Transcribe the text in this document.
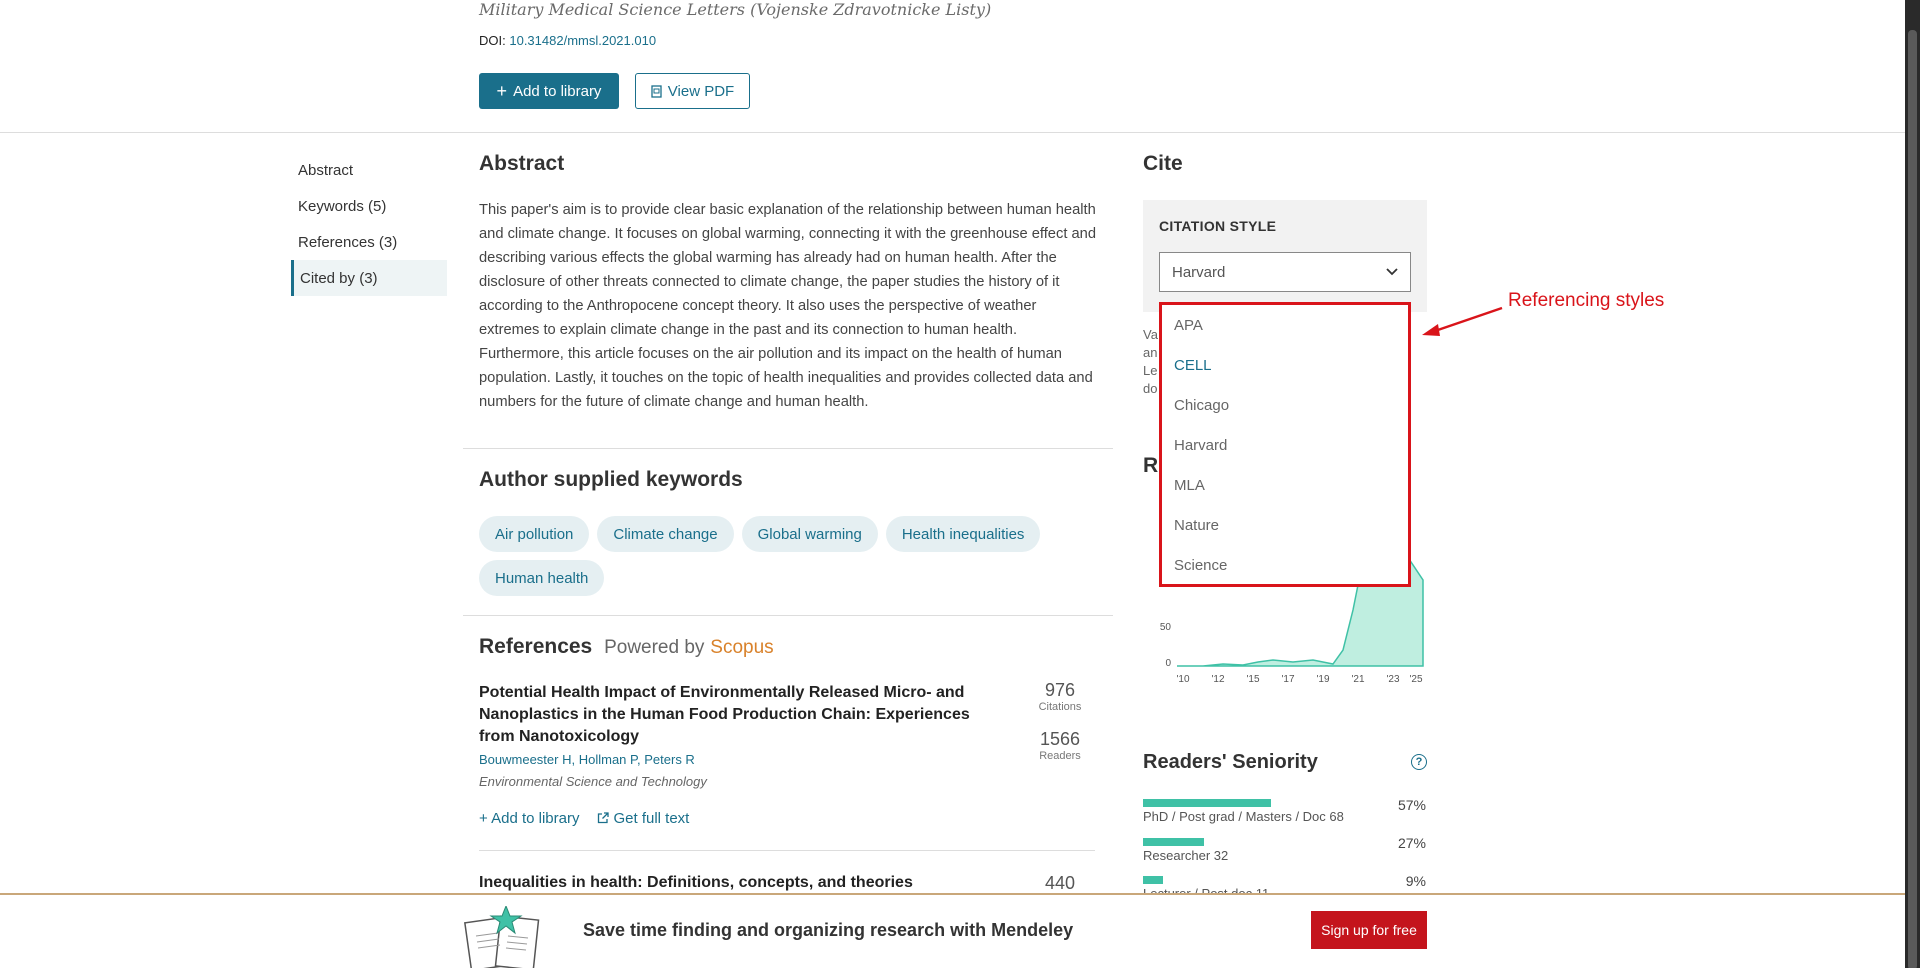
Military Medical Science Letters (Vojenske Zdravotnicke Listy)
DOI: 10.31482/mmsl.2021.010
+ Add to library	View PDF
Abstract
Keywords (5)
References (3)
Cited by (3)
Abstract
This paper's aim is to provide clear basic explanation of the relationship between human health and climate change. It focuses on global warming, connecting it with the greenhouse effect and describing various effects the global warming has already had on human health. After the disclosure of other threats connected to climate change, the paper studies the history of it according to the Anthropocene concept theory. It also uses the perspective of weather extremes to explain climate change in the past and its connection to human health. Furthermore, this article focuses on the air pollution and its impact on the health of human population. Lastly, it touches on the topic of health inequalities and provides collected data and numbers for the future of climate change and human health.
Author supplied keywords
Air pollution	Climate change	Global warming	Health inequalities
Human health
References Powered by Scopus
Potential Health Impact of Environmentally Released Micro- and Nanoplastics in the Human Food Production Chain: Experiences from Nanotoxicology
Bouwmeester H, Hollman P, Peters R
Environmental Science and Technology
+ Add to library	Get full text
976
Citations
1566
Readers
Inequalities in health: Definitions, concepts, and theories	440
Cite
CITATION STYLE
Harvard
Va
an
Le
do
R
50
0
'10 '12 '15 '17 '19 '21 '23 '25
APA
CELL
Chicago
Harvard
MLA
Nature
Science
Referencing styles
Readers' Seniority	?
PhD / Post grad / Masters / Doc 68
57%
Researcher 32
27%
9%
Save time finding and organizing research with Mendeley	Sign up for free
